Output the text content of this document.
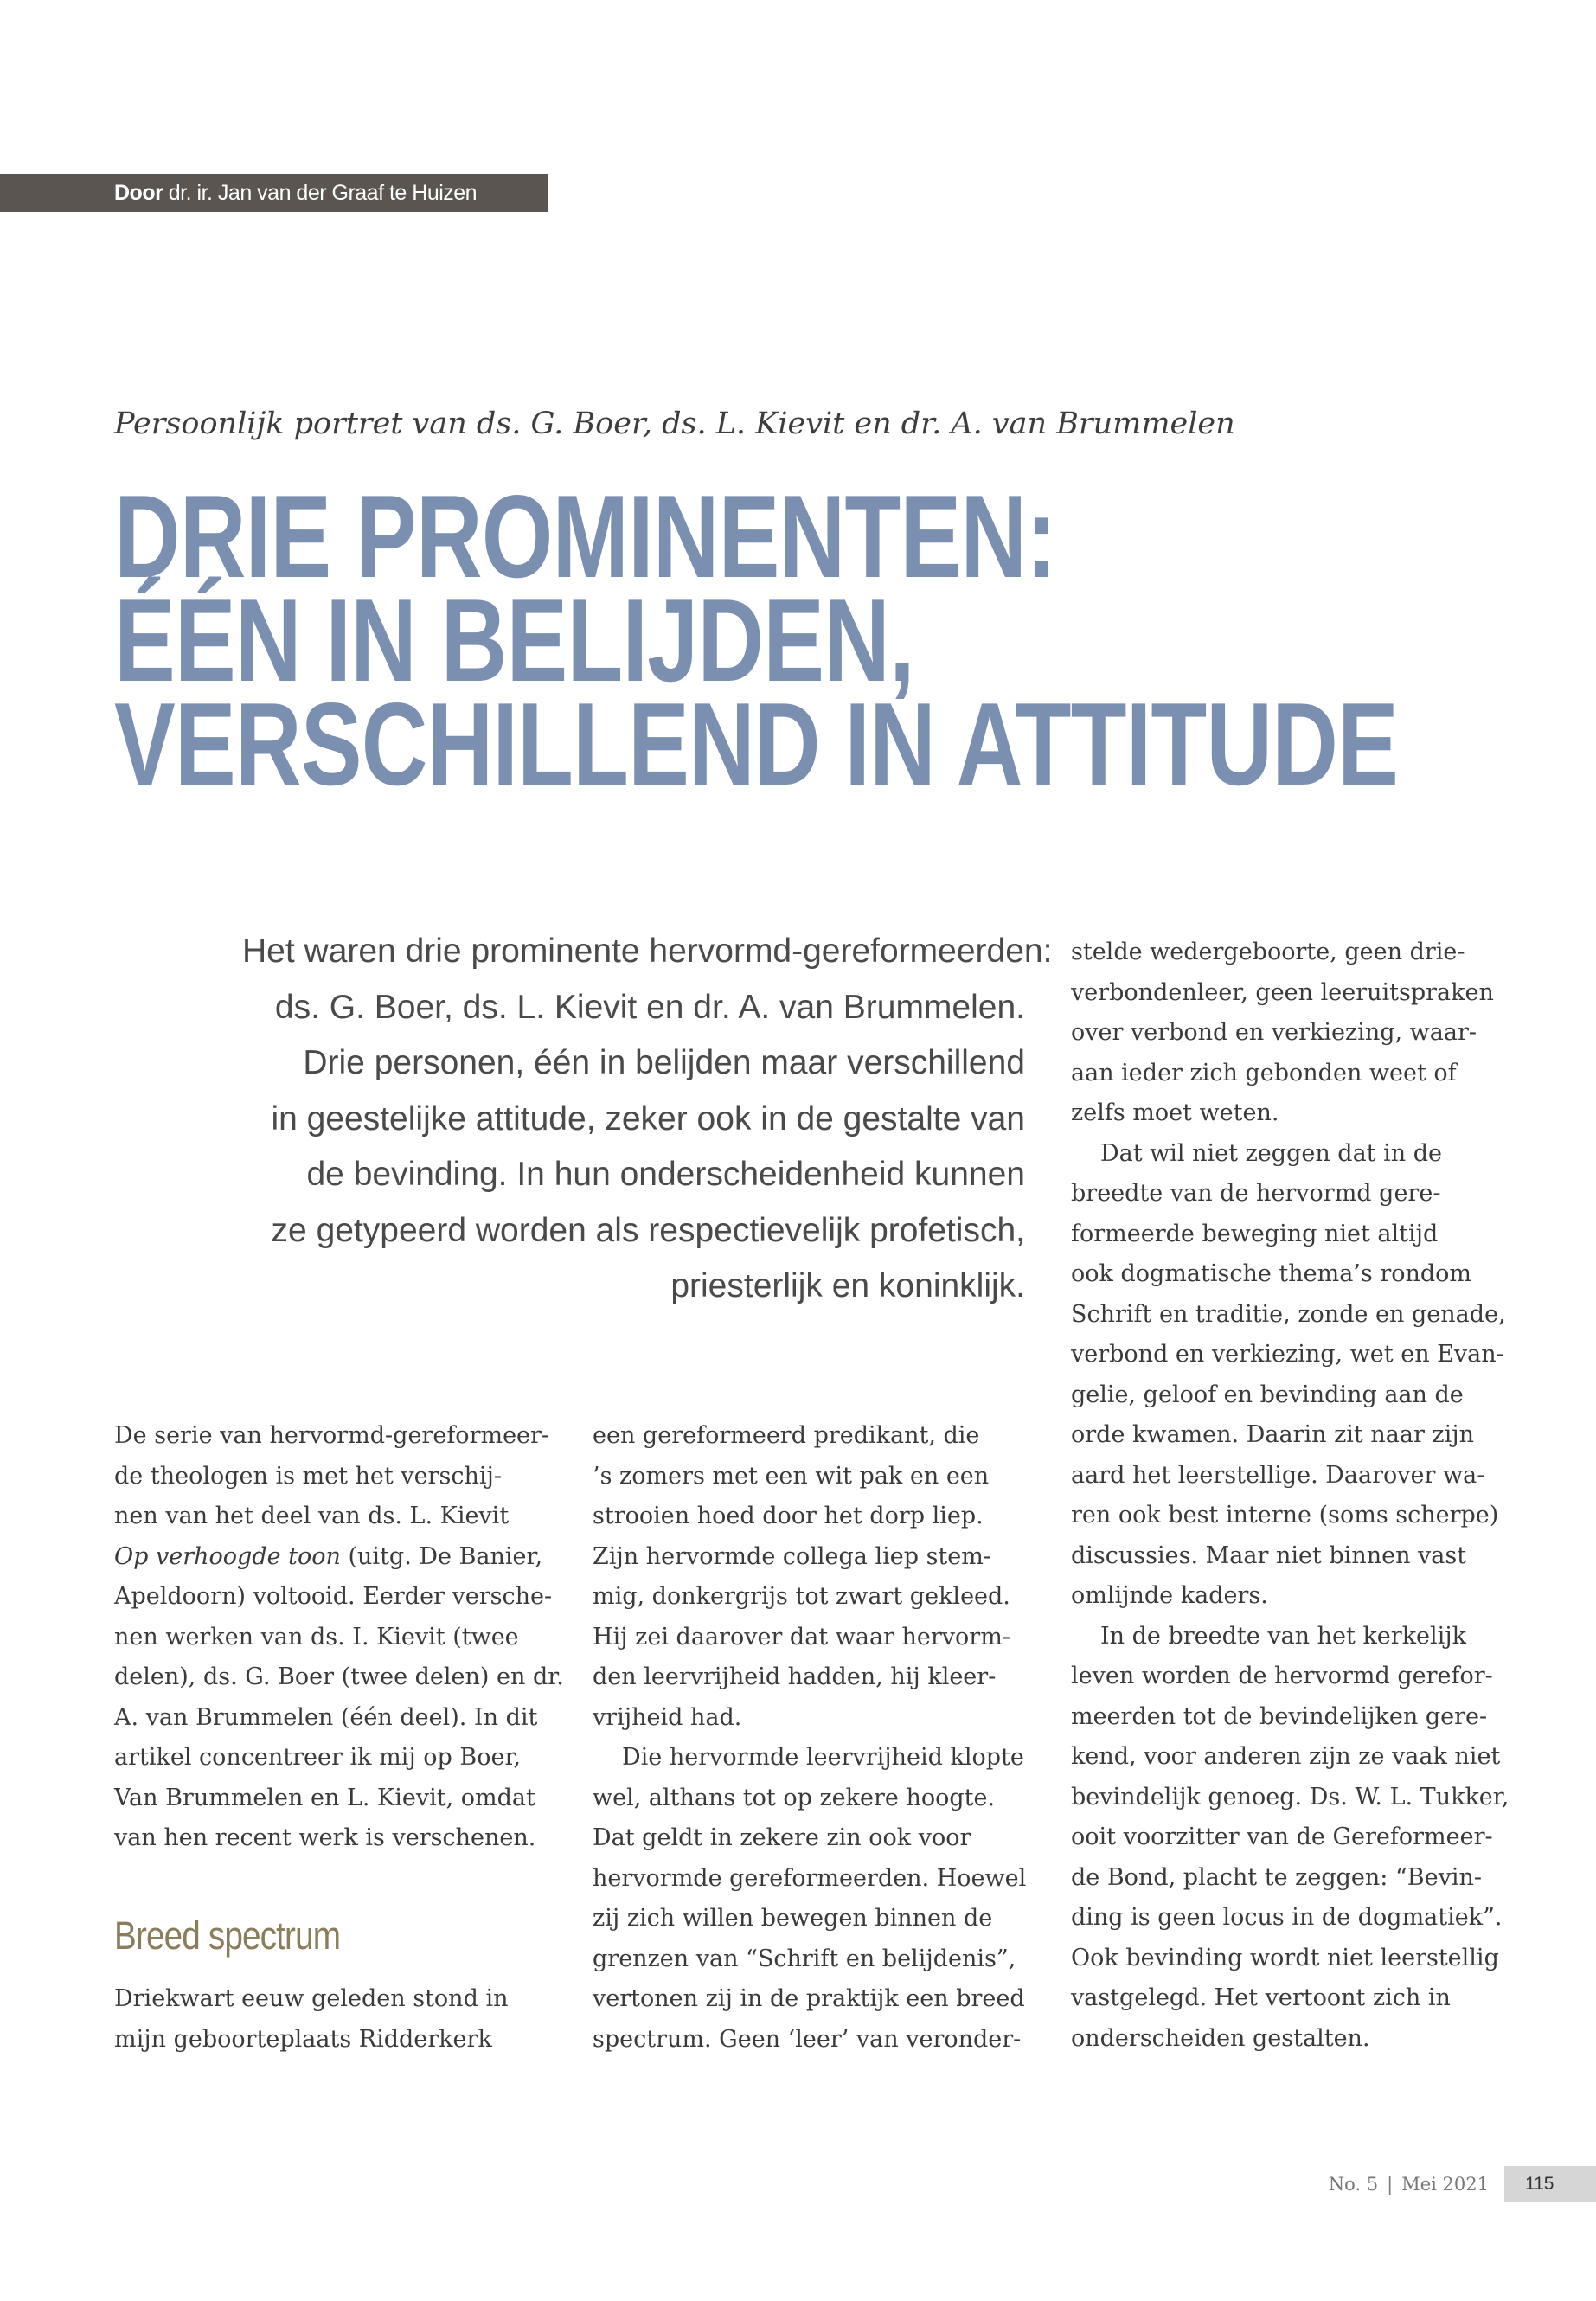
Door dr. ir. Jan van der Graaf te Huizen
Persoonlijk portret van ds. G. Boer, ds. L. Kievit en dr. A. van Brummelen
DRIE PROMINENTEN:
ÉÉN IN BELIJDEN,
VERSCHILLEND IN ATTITUDE
Het waren drie prominente hervormd-gereformeerden:
ds. G. Boer, ds. L. Kievit en dr. A. van Brummelen.
Drie personen, één in belijden maar verschillend
in geestelijke attitude, zeker ook in de gestalte van
de bevinding. In hun onderscheidenheid kunnen
ze getypeerd worden als respectievelijk profetisch,
priesterlijk en koninklijk.
De serie van hervormd-gereformeer-
de theologen is met het verschij-
nen van het deel van ds. L. Kievit
Op verhoogde toon (uitg. De Banier,
Apeldoorn) voltooid. Eerder versche-
nen werken van ds. I. Kievit (twee
delen), ds. G. Boer (twee delen) en dr.
A. van Brummelen (één deel). In dit
artikel concentreer ik mij op Boer,
Van Brummelen en L. Kievit, omdat
van hen recent werk is verschenen.
Breed spectrum
Driekwart eeuw geleden stond in
mijn geboorteplaats Ridderkerk
een gereformeerd predikant, die
’s zomers met een wit pak en een
strooien hoed door het dorp liep.
Zijn hervormde collega liep stem-
mig, donkergrijs tot zwart gekleed.
Hij zei daarover dat waar hervorm-
den leervrijheid hadden, hij kleer-
vrijheid had.
Die hervormde leervrijheid klopte
wel, althans tot op zekere hoogte.
Dat geldt in zekere zin ook voor
hervormde gereformeerden. Hoewel
zij zich willen bewegen binnen de
grenzen van “Schrift en belijdenis”,
vertonen zij in de praktijk een breed
spectrum. Geen ‘leer’ van veronder-
stelde wedergeboorte, geen drie-
verbondenleer, geen leeruitspraken
over verbond en verkiezing, waar-
aan ieder zich gebonden weet of
zelfs moet weten.
Dat wil niet zeggen dat in de
breedte van de hervormd gere-
formeerde beweging niet altijd
ook dogmatische thema’s rondom
Schrift en traditie, zonde en genade,
verbond en verkiezing, wet en Evan-
gelie, geloof en bevinding aan de
orde kwamen. Daarin zit naar zijn
aard het leerstellige. Daarover wa-
ren ook best interne (soms scherpe)
discussies. Maar niet binnen vast
omlijnde kaders.
In de breedte van het kerkelijk
leven worden de hervormd gerefor-
meerden tot de bevindelijken gere-
kend, voor anderen zijn ze vaak niet
bevindelijk genoeg. Ds. W. L. Tukker,
ooit voorzitter van de Gereformeer-
de Bond, placht te zeggen: “Bevin-
ding is geen locus in de dogmatiek”.
Ook bevinding wordt niet leerstellig
vastgelegd. Het vertoont zich in
onderscheiden gestalten.
No. 5 | Mei 2021	115
